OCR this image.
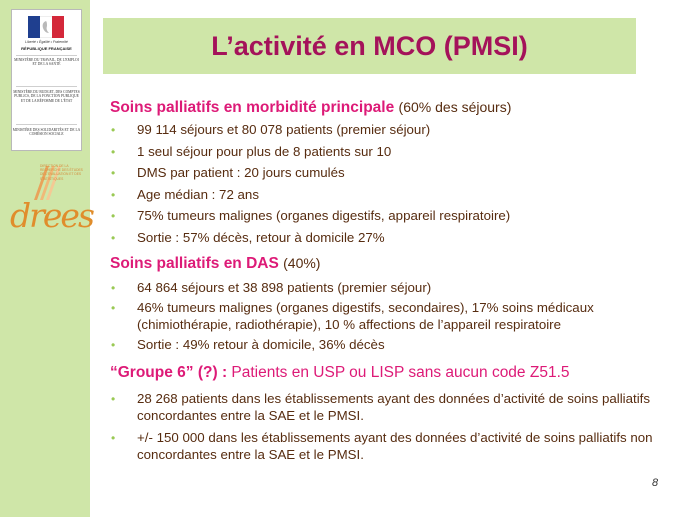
Liberté • Égalité • Fraternité
RÉPUBLIQUE FRANÇAISE
MINISTÈRE DU TRAVAIL, DE L'EMPLOI ET DE LA SANTÉ
MINISTÈRE DU BUDGET, DES COMPTES PUBLICS, DE LA FONCTION PUBLIQUE ET DE LA RÉFORME DE L'ÉTAT
MINISTÈRE DES SOLIDARITÉS ET DE LA COHÉSION SOCIALE
DIRECTION DE LA RECHERCHE DES ÉTUDES DE L'ÉVALUATION ET DES STATISTIQUES
drees
L’activité en MCO (PMSI)
Soins palliatifs en morbidité principale (60% des séjours)
• 99 114 séjours et 80 078 patients (premier séjour)
• 1 seul séjour pour plus de 8 patients sur 10
• DMS par patient : 20 jours cumulés
• Age médian : 72 ans
• 75% tumeurs malignes (organes digestifs, appareil respiratoire)
• Sortie : 57% décès, retour à domicile 27%
Soins palliatifs en DAS (40%)
• 64 864 séjours et 38 898 patients (premier séjour)
• 46% tumeurs malignes (organes digestifs, secondaires), 17% soins médicaux (chimiothérapie, radiothérapie), 10 % affections de l’appareil respiratoire
• Sortie : 49% retour à domicile, 36% décès
“Groupe 6” (?) : Patients en USP ou LISP sans aucun code Z51.5
• 28 268 patients dans les établissements ayant des données d’activité de soins palliatifs concordantes entre la SAE et le PMSI.
• +/- 150 000 dans les établissements ayant des données d’activité de soins palliatifs non concordantes entre la SAE et le PMSI.
8
